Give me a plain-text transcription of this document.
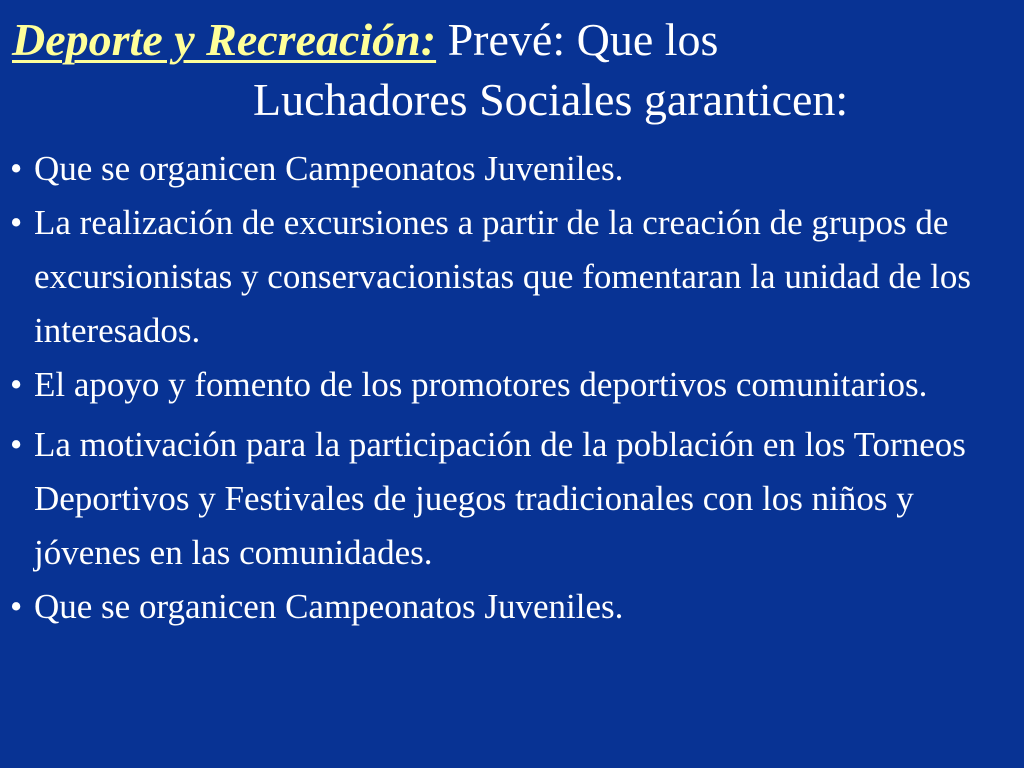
Deporte y Recreación: Prevé: Que los
Luchadores Sociales garanticen:
• Que se organicen Campeonatos Juveniles.
• La realización de excursiones a partir de la creación de grupos de excursionistas y conservacionistas que fomentaran la unidad de los interesados.
• El apoyo y fomento de los promotores deportivos comunitarios.
• La motivación para la participación de la población en los Torneos Deportivos y Festivales de juegos tradicionales con los niños y jóvenes en las comunidades.
• Que se organicen Campeonatos Juveniles.
